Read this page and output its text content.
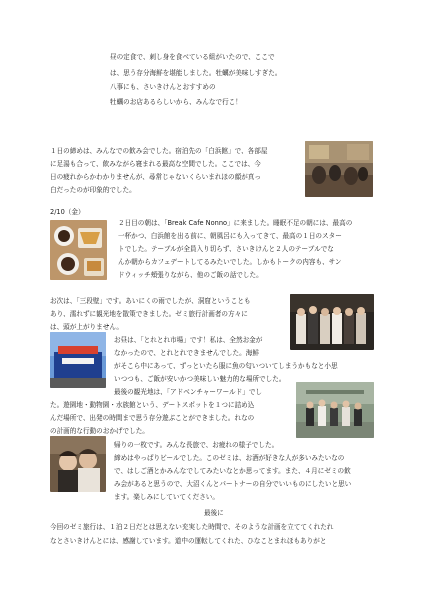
昼の定食で、刺し身を食べている組がいたので、ここで

は、思う存分海鮮を堪能しました。牡蠣が美味しすぎた。

八事にも、さいきけんとおすすめの

牡蠣のお店あるらしいから、みんなで行こ！

１日の締めは、みんなでの飲み会でした。宿泊先の「白浜館」で、各部屋

に足湯も合って、飲みながら寝まれる最高な空間でした。ここでは、今

日の疲れからかわかりませんが、尋常じゃないくらいまれほの顔が真っ

白だったのが印象的でした。

2/10（金）

２日目の朝は、「Break Cafe Nonno」に来ました。睡眠不足の朝には、最高の

一杯かつ、白浜館を出る前に、朝風呂にも入ってきて、最高の１日のスター

トでした。テーブルが全員入り切らず、さいきけんと２人のテーブルでな

んか朝からカフェデートしてるみたいでした。しかもトークの内容も、サン

ドウィッチ頬張りながら、他のご飯の話でした。

お次は、「三段壁」です。あいにくの雨でしたが、洞窟ということも

あり、濡れずに観光地を散策できました。ゼミ旅行計画者の方々に

は、頭が上がりません。

お昼は、「とれとれ市場」です！私は、全然お金が

なかったので、とれとれできませんでした。海鮮

がそこら中にあって、ずっといたら服に魚の匂いついてしまうかもなと小思

いつつも、ご飯が安いかつ美味しい魅力的な場所でした。

最後の観光地は、「アドベンチャーワールド」でし

た。遊園地・動物園・水族館という、デートスポットを１つに詰め込

んだ場所で、出発の時間まで思う存分遊ぶことができました。れなの

の計画的な行動のおかげでした。

帰りの一枚です。みんな長旅で、お疲れの様子でした。

締めはやっぱりビールでした。このゼミは、お酒が好きな人が多いみたいなの

で、はしご酒とかみんなでしてみたいなとか思ってます。また、４月にゼミの飲

み会があると思うので、大沼くんとパートナーの自分でいいものにしたいと思い

ます。楽しみにしていてください。

最後に

今回のゼミ旅行は、１泊２日だとは思えない充実した時間で、そのような計画を立ててくれたれ

なとさいきけんとには、感謝しています。道中の運転してくれた、ひなことまれほもありがと
